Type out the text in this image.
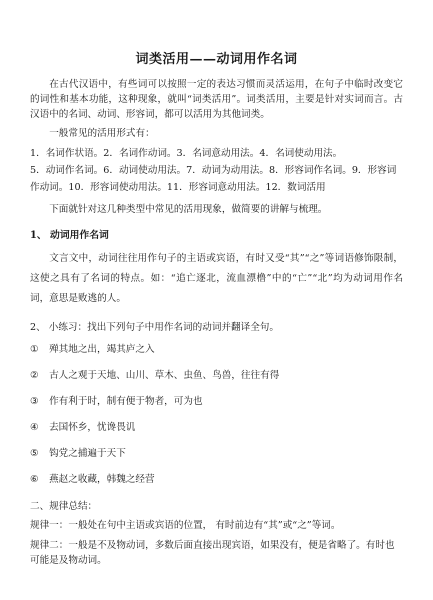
词类活用——动词用作名词

在古代汉语中，有些词可以按照一定的表达习惯而灵活运用，在句子中临时改变它的词性和基本功能，这种现象，就叫“词类活用”。词类活用，主要是针对实词而言。古汉语中的名词、动词、形容词，都可以活用为其他词类。

一般常见的活用形式有：

1．名词作状语。2．名词作动词。3．名词意动用法。4．名词使动用法。
5．动词作名词。6．动词使动用法。7．动词为动用法。8．形容词作名词。9．形容词作动词。10．形容词使动用法。11．形容词意动用法。12．数词活用

下面就针对这几种类型中常见的活用现象，做简要的讲解与梳理。

1、 动词用作名词

文言文中，动词往往用作句子的主语或宾语，有时又受“其”“之”等词语修饰限制，这使之具有了名词的特点。如：“追亡逐北，流血漂橹”中的“亡”“北”均为动词用作名词，意思是败逃的人。

2、 小练习：找出下列句子中用作名词的动词并翻译全句。
① 殚其地之出，竭其庐之入
② 古人之观于天地、山川、草木、虫鱼、鸟兽，往往有得
③ 作有利于时，制有便于物者，可为也
④ 去国怀乡，忧谗畏讥
⑤ 钩党之捕遍于天下
⑥ 燕赵之收藏，韩魏之经营
二、规律总结：

规律一：一般处在句中主语或宾语的位置， 有时前边有“其”或“之”等词。

规律二：一般是不及物动词，多数后面直接出现宾语，如果没有，便是省略了。有时也可能是及物动词。
